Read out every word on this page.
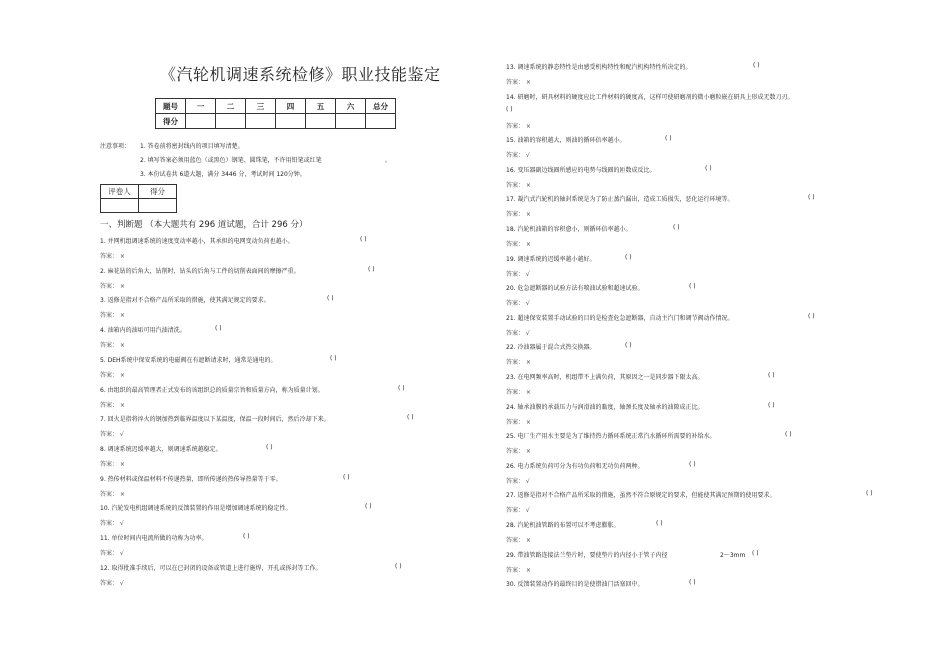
《汽轮机调速系统检修》职业技能鉴定
题号	一	二	三	四	五	六	总分
得分							
注意事项： 1. 答卷前将密封线内的项目填写清楚。
2. 填写答案必须用蓝色（或黑色）钢笔、圆珠笔，不许用铅笔或红笔	。
3. 本份试卷共 6道大题，满分 3446 分，考试时间 120分钟。
评卷人	得分

一、判断题 （本大题共有 296 道试题，合计 296 分）
1. 并网机组调速系统的速度变动率越小，其承担的电网变动负荷也越小。	( )
答案： ×
2. 麻花钻的后角大，钻削时，钻头的后角与工件的切削表面间的摩擦严重。	( )
答案： ×
3. 返修是指对不合格产品所采取的措施，使其满足规定的要求。	( )
答案： ×
4. 油箱内的油垢可用汽油清洗。	( )
答案： ×
5. DEH系统中保安系统的电磁阀在有遮断请求时，通常是通电的。	( )
答案： ×
6. 由组织的最高管理者正式发布的该组织总的质量宗旨和质量方向，称为质量计划。	( )
答案： ×
7. 回火是指将淬火的钢加热到临界温度以下某温度，保温一段时间后，然后冷却下来。	( )
答案： √
8. 调速系统迟缓率越大，则调速系统越稳定。	( )
答案： ×
9. 热传材料或保温材料不传递热量，即所传递的热传导热量等于零。	( )
答案： ×
10. 汽轮发电机组调速系统的反馈装置的作用是增加调速系统的稳定性。	( )
答案： √
11. 单位时间内电流所做的功称为功率。	( )
答案： √
12. 取得批准手续后，可以在已封闭的设备或管道上进行施焊，开孔或拆封等工作。	( )
答案： √
13. 调速系统的静态特性是由感受机构特性和配汽机构特性所决定的。	( )
答案： ×
14. 研磨时，研具材料的硬度应比工件材料的硬度高，这样可使研磨剂的微小磨粒嵌在研具上形成无数刀刃。
( )
答案： ×
15. 油箱的容积越大，则油的循环倍率越小。	( )
答案： √
16. 变压器副边线圈所感应的电势与线圈的匝数成反比。	( )
答案： ×
17. 凝汽式汽轮机的轴封系统是为了防止蒸汽漏出，造成工质损失，恶化运行环境等。	( )
答案： ×
18. 汽轮机油箱的容积愈小，则循环倍率越小。	( )
答案： ×
19. 调速系统的迟缓率越小越好。	( )
答案： √
20. 危急遮断器的试验方法有喷油试验和超速试验。	( )
答案： √
21. 超速保安装置手动试验的目的是检查危急遮断器，自动主汽门和调节阀动作情况。	( )
答案： √
22. 冷油器属于混合式热交换器。	( )
答案： ×
23. 在电网频率高时，机组带不上满负荷，其原因之一是同步器下限太高。	( )
答案： ×
24. 轴承油膜的承载压力与润滑油的黏度，轴颈长度及轴承的油隙成正比。	( )
答案： ×
25. 电厂生产用水主要是为了维持热力循环系统正常汽水循环所需要的补给水。	( )
答案： ×
26. 电力系统负荷可分为有功负荷和无功负荷两种。	( )
答案： √
27. 返修是指对不合格产品所采取的措施，虽然不符合原规定的要求，但能使其满足预期的使用要求。	( )
答案： √
28. 汽轮机油管路的布置可以不考虑膨胀。	( )
答案： ×
29. 带油管路连接法兰垫片时，要使垫片的内径小于管子内径	2～3mm ( )
答案： ×
30. 反馈装置动作的最终目的是使错油门活塞回中。	( )
